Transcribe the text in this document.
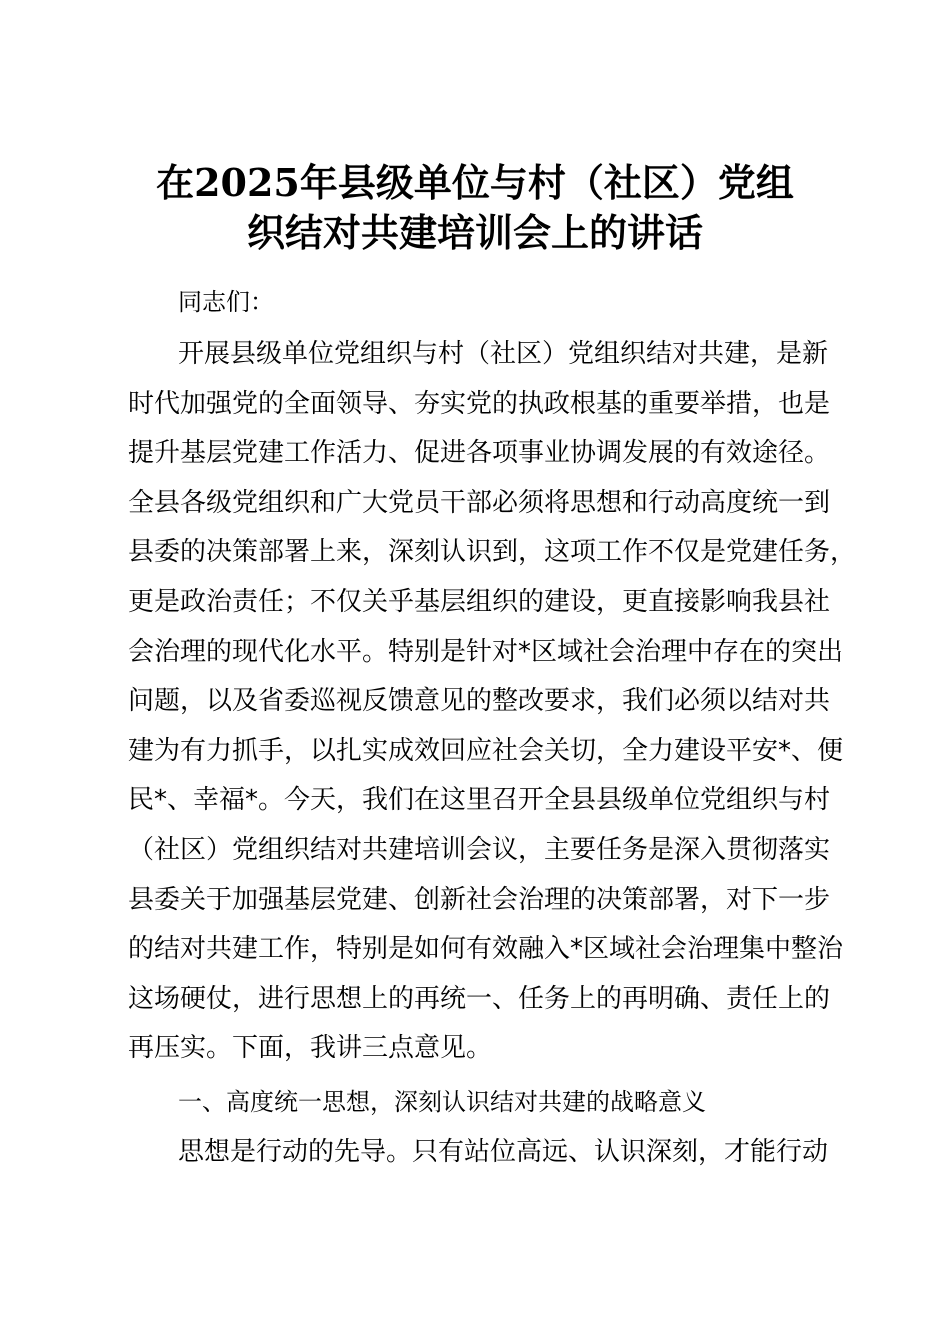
在2025年县级单位与村（社区）党组
织结对共建培训会上的讲话
同志们：
开展县级单位党组织与村（社区）党组织结对共建，是新
时代加强党的全面领导、夯实党的执政根基的重要举措，也是
提升基层党建工作活力、促进各项事业协调发展的有效途径。
全县各级党组织和广大党员干部必须将思想和行动高度统一到
县委的决策部署上来，深刻认识到，这项工作不仅是党建任务，
更是政治责任；不仅关乎基层组织的建设，更直接影响我县社
会治理的现代化水平。特别是针对*区域社会治理中存在的突出
问题，以及省委巡视反馈意见的整改要求，我们必须以结对共
建为有力抓手，以扎实成效回应社会关切，全力建设平安*、便
民*、幸福*。今天，我们在这里召开全县县级单位党组织与村
（社区）党组织结对共建培训会议，主要任务是深入贯彻落实
县委关于加强基层党建、创新社会治理的决策部署，对下一步
的结对共建工作，特别是如何有效融入*区域社会治理集中整治
这场硬仗，进行思想上的再统一、任务上的再明确、责任上的
再压实。下面，我讲三点意见。
一、高度统一思想，深刻认识结对共建的战略意义
思想是行动的先导。只有站位高远、认识深刻，才能行动
